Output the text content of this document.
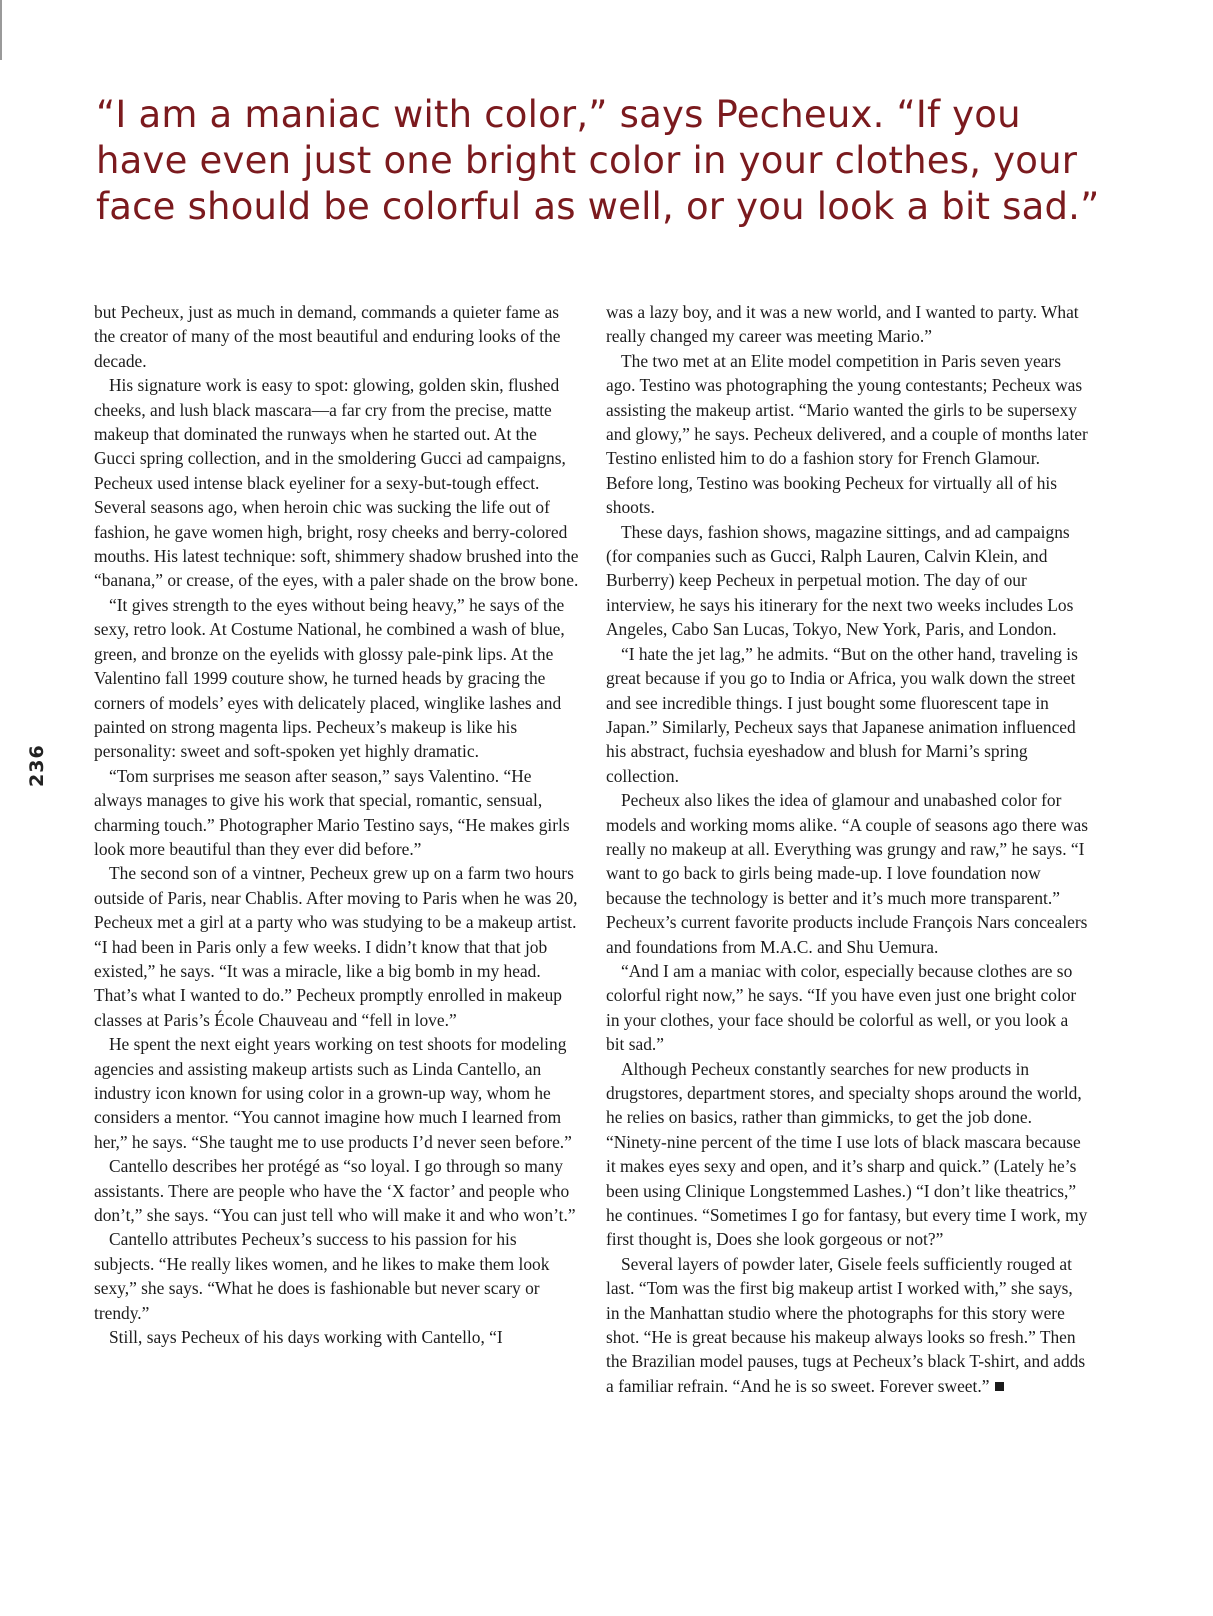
“I am a maniac with color,” says Pecheux. “If you
have even just one bright color in your clothes, your
face should be colorful as well, or you look a bit sad.”
236

but Pecheux, just as much in demand, commands a quieter fame as the creator of many of the most beautiful and enduring looks of the decade.

His signature work is easy to spot: glowing, golden skin, flushed cheeks, and lush black mascara—a far cry from the precise, matte makeup that dominated the runways when he started out. At the Gucci spring collection, and in the smoldering Gucci ad campaigns, Pecheux used intense black eyeliner for a sexy-but-tough effect. Several seasons ago, when heroin chic was sucking the life out of fashion, he gave women high, bright, rosy cheeks and berry-colored mouths. His latest technique: soft, shimmery shadow brushed into the “banana,” or crease, of the eyes, with a paler shade on the brow bone.

“It gives strength to the eyes without being heavy,” he says of the sexy, retro look. At Costume National, he combined a wash of blue, green, and bronze on the eyelids with glossy pale-pink lips. At the Valentino fall 1999 couture show, he turned heads by gracing the corners of models’ eyes with delicately placed, winglike lashes and painted on strong magenta lips. Pecheux’s makeup is like his personality: sweet and soft-spoken yet highly dramatic.

“Tom surprises me season after season,” says Valentino. “He always manages to give his work that special, romantic, sensual, charming touch.” Photographer Mario Testino says, “He makes girls look more beautiful than they ever did before.”

The second son of a vintner, Pecheux grew up on a farm two hours outside of Paris, near Chablis. After moving to Paris when he was 20, Pecheux met a girl at a party who was studying to be a makeup artist. “I had been in Paris only a few weeks. I didn’t know that that job existed,” he says. “It was a miracle, like a big bomb in my head. That’s what I wanted to do.” Pecheux promptly enrolled in makeup classes at Paris’s École Chauveau and “fell in love.”

He spent the next eight years working on test shoots for modeling agencies and assisting makeup artists such as Linda Cantello, an industry icon known for using color in a grown-up way, whom he considers a mentor. “You cannot imagine how much I learned from her,” he says. “She taught me to use products I’d never seen before.”

Cantello describes her protégé as “so loyal. I go through so many assistants. There are people who have the ‘X factor’ and people who don’t,” she says. “You can just tell who will make it and who won’t.”

Cantello attributes Pecheux’s success to his passion for his subjects. “He really likes women, and he likes to make them look sexy,” she says. “What he does is fashionable but never scary or trendy.”

Still, says Pecheux of his days working with Cantello, “I

was a lazy boy, and it was a new world, and I wanted to party. What really changed my career was meeting Mario.”

The two met at an Elite model competition in Paris seven years ago. Testino was photographing the young contestants; Pecheux was assisting the makeup artist. “Mario wanted the girls to be supersexy and glowy,” he says. Pecheux delivered, and a couple of months later Testino enlisted him to do a fashion story for French Glamour. Before long, Testino was booking Pecheux for virtually all of his shoots.

These days, fashion shows, magazine sittings, and ad campaigns (for companies such as Gucci, Ralph Lauren, Calvin Klein, and Burberry) keep Pecheux in perpetual motion. The day of our interview, he says his itinerary for the next two weeks includes Los Angeles, Cabo San Lucas, Tokyo, New York, Paris, and London.

“I hate the jet lag,” he admits. “But on the other hand, traveling is great because if you go to India or Africa, you walk down the street and see incredible things. I just bought some fluorescent tape in Japan.” Similarly, Pecheux says that Japanese animation influenced his abstract, fuchsia eyeshadow and blush for Marni’s spring collection.

Pecheux also likes the idea of glamour and unabashed color for models and working moms alike. “A couple of seasons ago there was really no makeup at all. Everything was grungy and raw,” he says. “I want to go back to girls being made-up. I love foundation now because the technology is better and it’s much more transparent.” Pecheux’s current favorite products include François Nars concealers and foundations from M.A.C. and Shu Uemura.

“And I am a maniac with color, especially because clothes are so colorful right now,” he says. “If you have even just one bright color in your clothes, your face should be colorful as well, or you look a bit sad.”

Although Pecheux constantly searches for new products in drugstores, department stores, and specialty shops around the world, he relies on basics, rather than gimmicks, to get the job done. “Ninety-nine percent of the time I use lots of black mascara because it makes eyes sexy and open, and it’s sharp and quick.” (Lately he’s been using Clinique Longstemmed Lashes.) “I don’t like theatrics,” he continues. “Sometimes I go for fantasy, but every time I work, my first thought is, Does she look gorgeous or not?”

Several layers of powder later, Gisele feels sufficiently rouged at last. “Tom was the first big makeup artist I worked with,” she says, in the Manhattan studio where the photographs for this story were shot. “He is great because his makeup always looks so fresh.” Then the Brazilian model pauses, tugs at Pecheux’s black T-shirt, and adds a familiar refrain. “And he is so sweet. Forever sweet.”
